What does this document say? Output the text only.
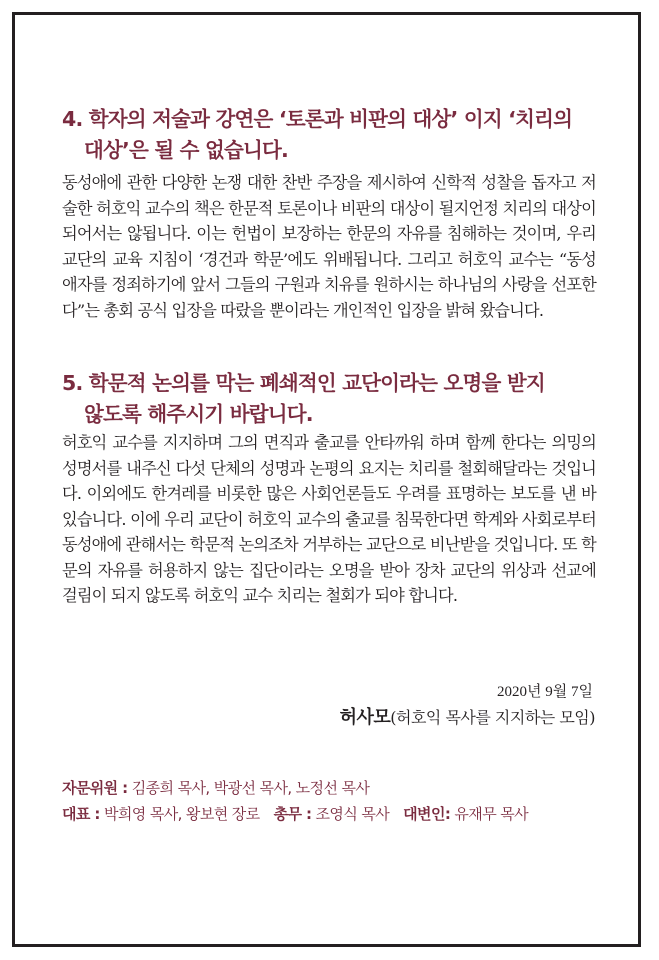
4. 학자의 저술과 강연은 ‘토론과 비판의 대상’ 이지 ‘치리의
대상’은 될 수 없습니다.
동성애에 관한 다양한 논쟁 대한 찬반 주장을 제시하여 신학적 성찰을 돕자고 저술한 허호익 교수의 책은 한문적 토론이나 비판의 대상이 될지언정 치리의 대상이 되어서는 않됩니다. 이는 헌법이 보장하는 한문의 자유를 침해하는 것이며, 우리 교단의 교육 지침이 ‘경건과 학문’에도 위배됩니다. 그리고 허호익 교수는 “동성애자를 정죄하기에 앞서 그들의 구원과 치유를 원하시는 하나님의 사랑을 선포한다”는 총회 공식 입장을 따랐을 뿐이라는 개인적인 입장을 밝혀 왔습니다.
5. 학문적 논의를 막는 폐쇄적인 교단이라는 오명을 받지
않도록 해주시기 바랍니다.
허호익 교수를 지지하며 그의 면직과 출교를 안타까워 하며 함께 한다는 의밍의 성명서를 내주신 다섯 단체의 성명과 논평의 요지는 치리를 철회해달라는 것입니다. 이외에도 한겨레를 비롯한 많은 사회언론들도 우려를 표명하는 보도를 낸 바 있습니다. 이에 우리 교단이 허호익 교수의 출교를 침묵한다면 학계와 사회로부터 동성애에 관해서는 학문적 논의조차 거부하는 교단으로 비난받을 것입니다. 또 학문의 자유를 허용하지 않는 집단이라는 오명을 받아 장차 교단의 위상과 선교에 걸림이 되지 않도록 허호익 교수 치리는 철회가 되야 합니다.
2020년 9월 7일
허사모(허호익 목사를 지지하는 모임)
자문위원 : 김종희 목사, 박광선 목사, 노정선 목사
대표 : 박희영 목사, 왕보현 장로 총무 : 조영식 목사 대변인: 유재무 목사
